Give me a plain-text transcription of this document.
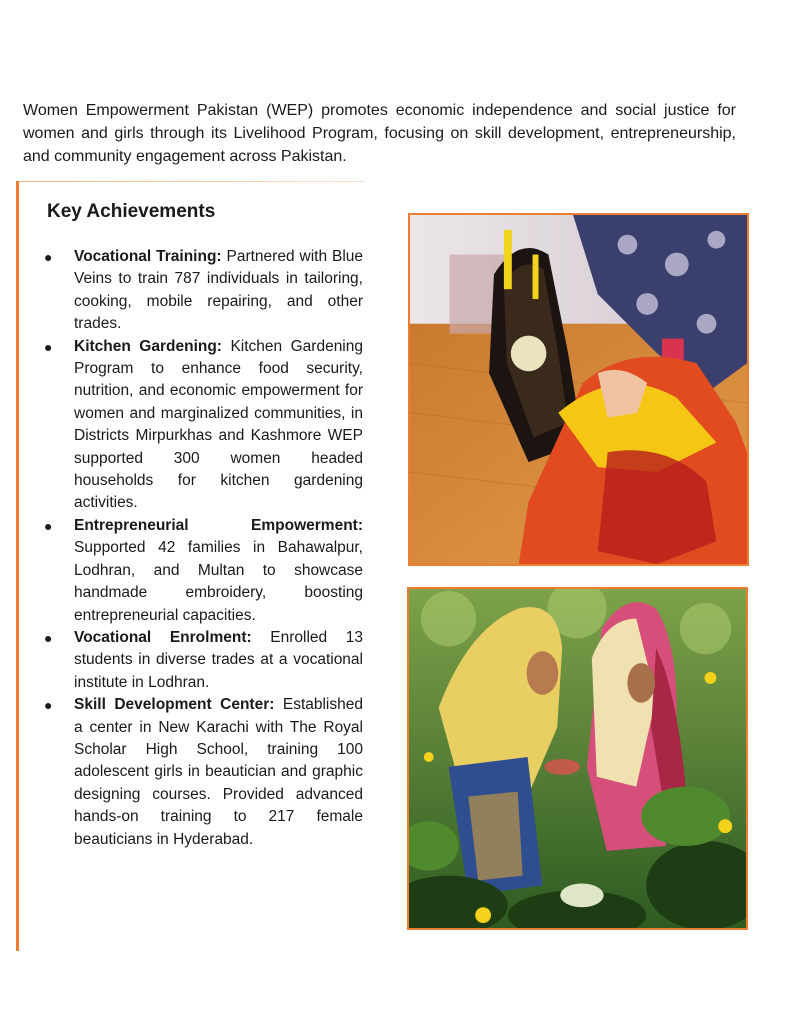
Women Empowerment Pakistan (WEP) promotes economic independence and social justice for women and girls through its Livelihood Program, focusing on skill development, entrepreneurship, and community engagement across Pakistan.

Key Achievements
● Vocational Training: Partnered with Blue Veins to train 787 individuals in tailoring, cooking, mobile repairing, and other trades.
● Kitchen Gardening: Kitchen Gardening Program to enhance food security, nutrition, and economic empowerment for women and marginalized communities, in Districts Mirpurkhas and Kashmore WEP supported 300 women headed households for kitchen gardening activities.
● Entrepreneurial Empowerment: Supported 42 families in Bahawalpur, Lodhran, and Multan to showcase handmade embroidery, boosting entrepreneurial capacities.
● Vocational Enrolment: Enrolled 13 students in diverse trades at a vocational institute in Lodhran.
● Skill Development Center: Established a center in New Karachi with The Royal Scholar High School, training 100 adolescent girls in beautician and graphic designing courses. Provided advanced hands-on training to 217 female beauticians in Hyderabad.
